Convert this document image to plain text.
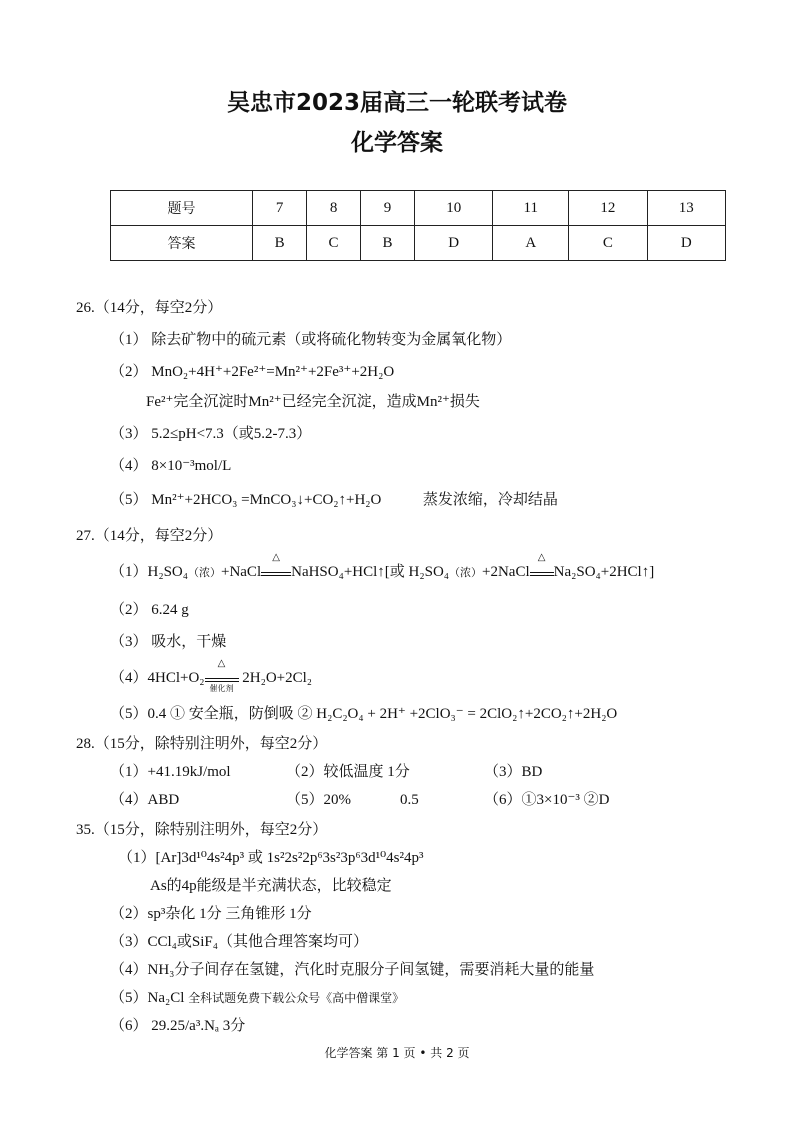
吴忠市2023届高三一轮联考试卷
化学答案
题号	7	8	9	10	11	12	13
答案	B	C	B	D	A	C	D
26.（14分，每空2分）
（1） 除去矿物中的硫元素（或将硫化物转变为金属氧化物）
（2） MnO₂+4H⁺+2Fe²⁺=Mn²⁺+2Fe³⁺+2H₂O
Fe²⁺完全沉淀时Mn²⁺已经完全沉淀，造成Mn²⁺损失
（3） 5.2≤pH<7.3（或5.2-7.3）
（4） 8×10⁻³mol/L
（5） Mn²⁺+2HCO₃ =MnCO₃↓+CO₂↑+H₂O	蒸发浓缩，冷却结晶
27.（14分，每空2分）
（1）H₂SO₄（浓）+NaCl
△
NaHSO₄+HCl↑[或 H₂SO₄（浓）+2NaCl
△
Na₂SO₄+2HCl↑]
（2） 6.24 g
（3） 吸水，干燥
（4）4HCl+O₂
△
催化剂
2H₂O+2Cl₂
（5）0.4 ① 安全瓶，防倒吸 ② H₂C₂O₄ + 2H⁺ +2ClO₃⁻ = 2ClO₂↑+2CO₂↑+2H₂O
28.（15分，除特别注明外，每空2分）
（1）+41.19kJ/mol	（2）较低温度 1分	（3）BD
（4）ABD	（5）20%	0.5	（6）①3×10⁻³ ②D
35.（15分，除特别注明外，每空2分）
（1）[Ar]3d¹⁰4s²4p³ 或 1s²2s²2p⁶3s²3p⁶3d¹⁰4s²4p³
As的4p能级是半充满状态，比较稳定
（2）sp³杂化 1分 三角锥形 1分
（3）CCl₄或SiF₄（其他合理答案均可）
（4）NH₃分子间存在氢键，汽化时克服分子间氢键，需要消耗大量的能量
（5）Na₂Cl 全科试题免费下载公众号《高中僧课堂》
（6） 29.25/a³.Nₐ 3分
化学答案 第 1 页 • 共 2 页
